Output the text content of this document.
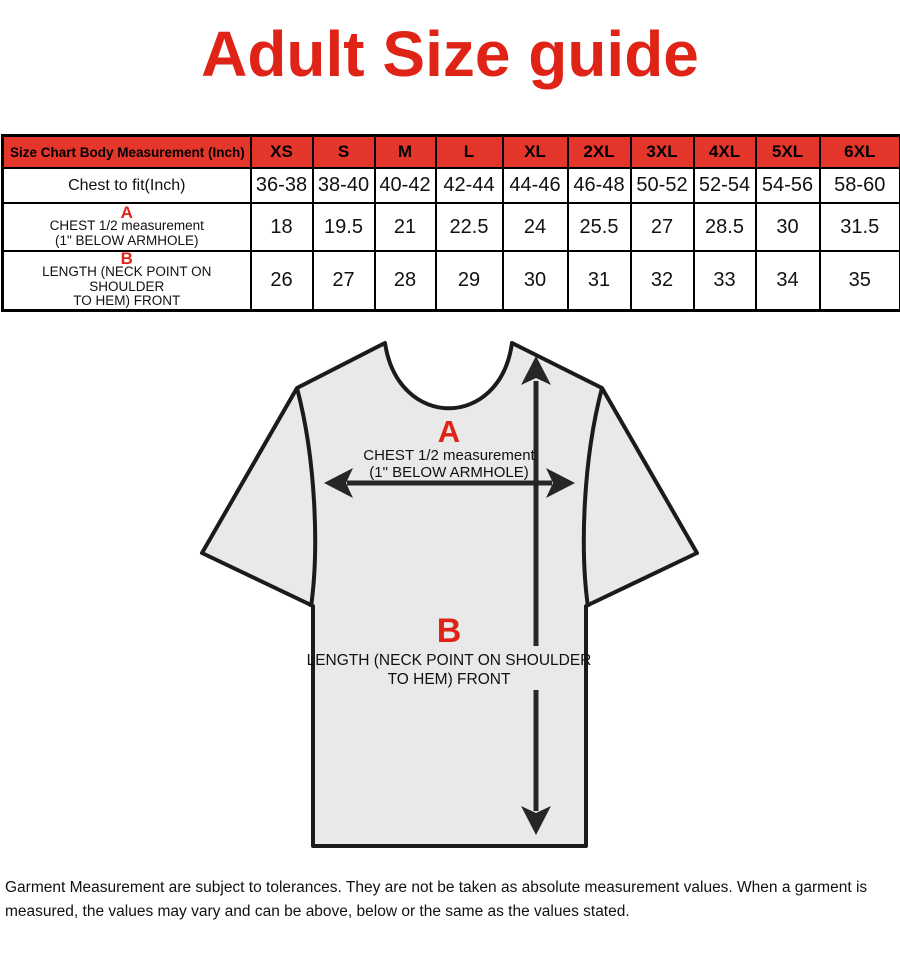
Adult Size guide
Size Chart Body Measurement (Inch)	XS	S	M	L	XL	2XL	3XL	4XL	5XL	6XL

Chest to fit(Inch)	36-38	38-40	40-42	42-44	44-46	46-48	50-52	52-54	54-56	58-60

A
CHEST 1/2 measurement
(1" BELOW ARMHOLE)	18	19.5	21	22.5	24	25.5	27	28.5	30	31.5

B
LENGTH (NECK POINT ON SHOULDER
TO HEM) FRONT	26	27	28	29	30	31	32	33	34	35
A
CHEST 1/2 measurement
(1" BELOW ARMHOLE)
B
LENGTH (NECK POINT ON SHOULDER
TO HEM) FRONT
Garment Measurement are subject to tolerances. They are not be taken as absolute measurement values. When a garment is
measured, the values may vary and can be above, below or the same as the values stated.
